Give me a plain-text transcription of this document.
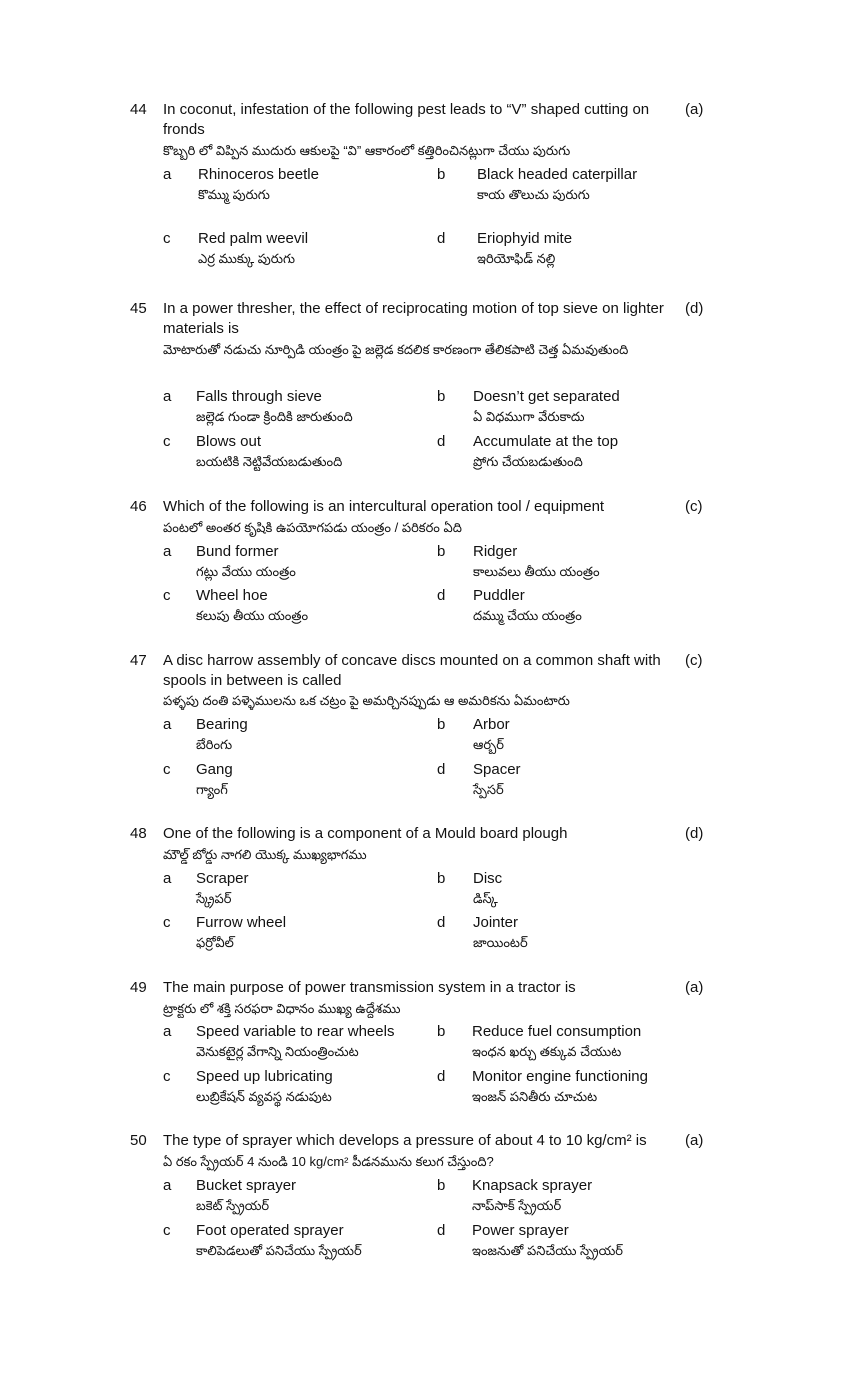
44 In coconut, infestation of the following pest leads to “V” shaped cutting on fronds
కొబ్బరి లో విప్పిన ముదురు ఆకులపై “వి” ఆకారంలో కత్తిరించినట్లుగా చేయు పురుగు
(a)
a Rhinoceros beetle
కొమ్ము పురుగు
b Black headed caterpillar
కాయ తొలుచు పురుగు
c Red palm weevil
ఎర్ర ముక్కు పురుగు
d Eriophyid mite
ఇరియోఫిడ్ నల్లి
45 In a power thresher, the effect of reciprocating motion of top sieve on lighter materials is
మోటారుతో నడుచు నూర్పిడి యంత్రం పై జల్లెడ కదలిక కారణంగా తేలికపాటి చెత్త ఏమవుతుంది
(d)
a Falls through sieve
జల్లెడ గుండా క్రిందికి జారుతుంది
b Doesn’t get separated
ఏ విధముగా వేరుకాదు
c Blows out
బయటికి నెట్టివేయబడుతుంది
d Accumulate at the top
ప్రోగు చేయబడుతుంది
46 Which of the following is an intercultural operation tool / equipment
పంటలో అంతర కృషికి ఉపయోగపడు యంత్రం / పరికరం ఏది
(c)
a Bund former
గట్లు వేయు యంత్రం
b Ridger
కాలువలు తీయు యంత్రం
c Wheel hoe
కలుపు తీయు యంత్రం
d Puddler
దమ్ము చేయు యంత్రం
47 A disc harrow assembly of concave discs mounted on a common shaft with spools in between is called
పళ్ళపు దంతి పళ్ళెములను ఒక చట్రం పై అమర్చినప్పుడు ఆ అమరికను ఏమంటారు
(c)
a Bearing
బేరింగు
b Arbor
ఆర్బర్
c Gang
గ్యాంగ్
d Spacer
స్పేసర్
48 One of the following is a component of a Mould board plough
మౌల్డ్ బోర్డు నాగలి యొక్క ముఖ్యభాగము
(d)
a Scraper
స్క్రేపర్
b Disc
డిస్క్
c Furrow wheel
ఫర్రోవీల్
d Jointer
జాయింటర్
49 The main purpose of power transmission system in a tractor is
ట్రాక్టరు లో శక్తి సరఫరా విధానం ముఖ్య ఉద్దేశము
(a)
a Speed variable to rear wheels
వెనుకటైర్ల వేగాన్ని నియంత్రించుట
b Reduce fuel consumption
ఇంధన ఖర్చు తక్కువ చేయుట
c Speed up lubricating
లుబ్రికేషన్ వ్యవస్థ నడుపుట
d Monitor engine functioning
ఇంజన్ పనితీరు చూచుట
50 The type of sprayer which develops a pressure of about 4 to 10 kg/cm² is
ఏ రకం స్ప్రేయర్ 4 నుండి 10 kg/cm² పీడనమును కలుగ చేస్తుంది?
(a)
a Bucket sprayer
బకెట్ స్ప్రేయర్
b Knapsack sprayer
నాప్‌సాక్ స్ప్రేయర్
c Foot operated sprayer
కాలిపెడలుతో పనిచేయు స్ప్రేయర్
d Power sprayer
ఇంజనుతో పనిచేయు స్ప్రేయర్
